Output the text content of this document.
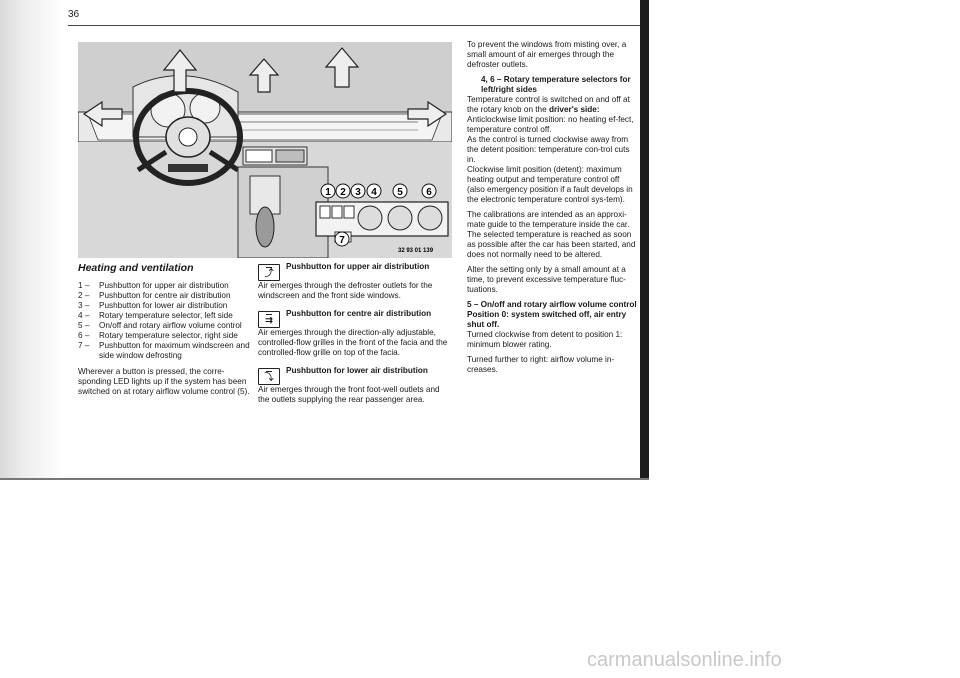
36
1 2 3 4 5 6
7
32 93 01 139
Heating and ventilation
1 –	Pushbutton for upper air distribution
2 –	Pushbutton for centre air distribution
3 –	Pushbutton for lower air distribution
4 –	Rotary temperature selector, left side
5 –	On/off and rotary airflow volume control
6 –	Rotary temperature selector, right side
7 –	Pushbutton for maximum windscreen and side window defrosting

Wherever a button is pressed, the corre-sponding LED lights up if the system has been switched on at rotary airflow volume control (5).

⤴
Pushbutton for upper air distribution

Air emerges through the defroster outlets for the windscreen and the front side windows.

⇉
Pushbutton for centre air distribution

Air emerges through the direction-ally adjustable, controlled-flow grilles in the front of the facia and the controlled-flow grille on top of the facia.

⤵
Pushbutton for lower air distribution

Air emerges through the front foot-well outlets and the outlets supplying the rear passenger area.

To prevent the windows from misting over, a small amount of air emerges through the defroster outlets.

4, 6 – Rotary temperature selectors for left/right sides
Temperature control is switched on and off at the rotary knob on the driver's side:
Anticlockwise limit position: no heating ef-fect, temperature control off.
As the control is turned clockwise away from the detent position: temperature con-trol cuts in.

Clockwise limit position (detent): maximum heating output and temperature control off (also emergency position if a fault develops in the electronic temperature control sys-tem).

The calibrations are intended as an approxi-mate guide to the temperature inside the car. The selected temperature is reached as soon as possible after the car has been started, and does not normally need to be altered.

Alter the setting only by a small amount at a time, to prevent excessive temperature fluc-tuations.

5 – On/off and rotary airflow volume control

Position 0: system switched off, air entry shut off.

Turned clockwise from detent to position 1: minimum blower rating.

Turned further to right: airflow volume in-creases.

carmanualsonline.info
